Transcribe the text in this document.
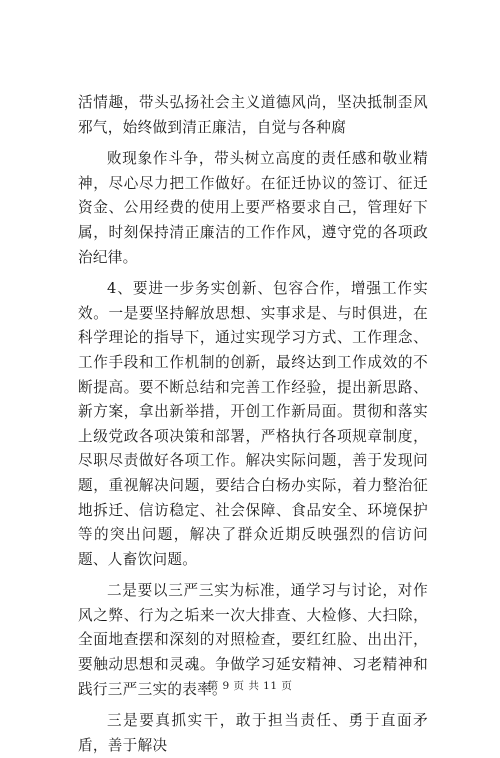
活情趣，带头弘扬社会主义道德风尚，坚决抵制歪风邪气，始终做到清正廉洁，自觉与各种腐

败现象作斗争，带头树立高度的责任感和敬业精神，尽心尽力把工作做好。在征迁协议的签订、征迁资金、公用经费的使用上要严格要求自己，管理好下属，时刻保持清正廉洁的工作作风，遵守党的各项政治纪律。

4、要进一步务实创新、包容合作，增强工作实效。一是要坚持解放思想、实事求是、与时俱进，在科学理论的指导下，通过实现学习方式、工作理念、工作手段和工作机制的创新，最终达到工作成效的不断提高。要不断总结和完善工作经验，提出新思路、新方案，拿出新举措，开创工作新局面。贯彻和落实上级党政各项决策和部署，严格执行各项规章制度，尽职尽责做好各项工作。解决实际问题，善于发现问题，重视解决问题，要结合白杨办实际，着力整治征地拆迁、信访稳定、社会保障、食品安全、环境保护等的突出问题，解决了群众近期反映强烈的信访问题、人畜饮问题。

二是要以三严三实为标准，通学习与讨论，对作风之弊、行为之垢来一次大排查、大检修、大扫除，全面地查摆和深刻的对照检查，要红红脸、出出汗，要触动思想和灵魂。争做学习延安精神、习老精神和践行三严三实的表率。

三是要真抓实干，敢于担当责任、勇于直面矛盾，善于解决

第 9 页 共 11 页
